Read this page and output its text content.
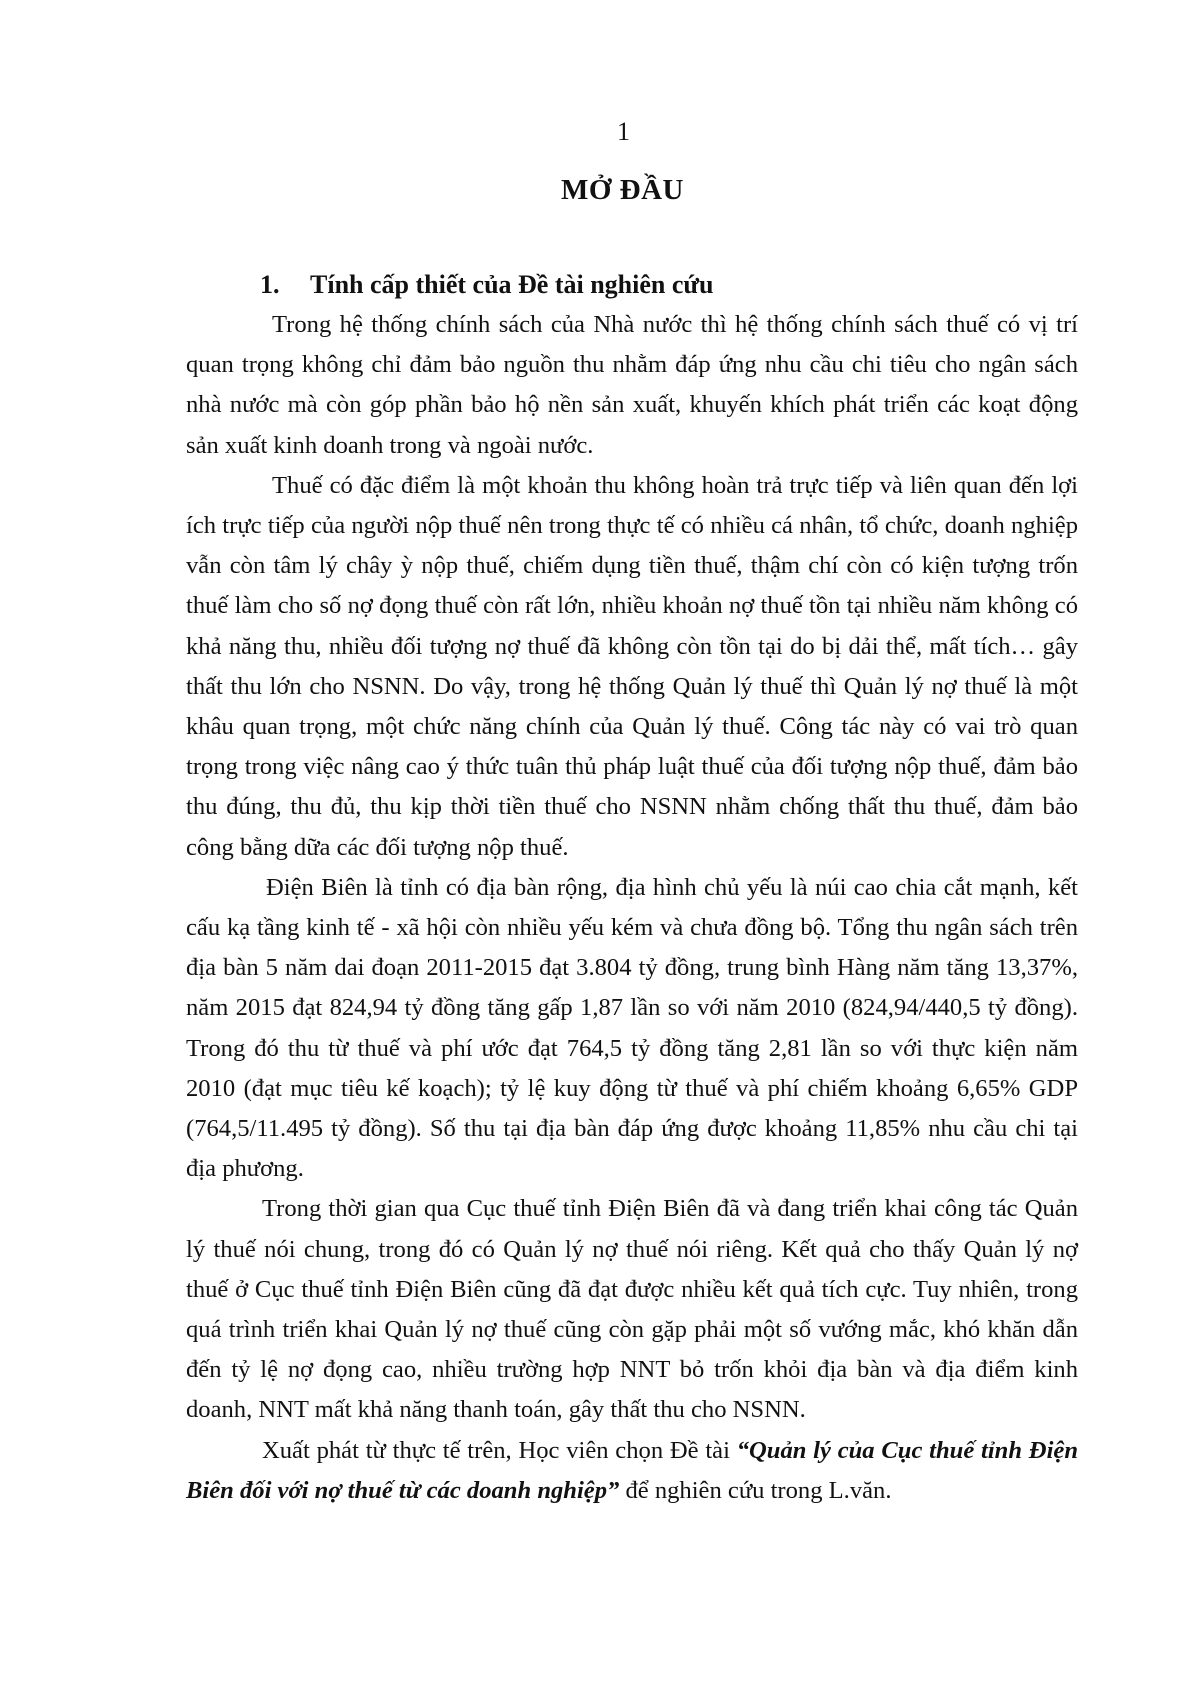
1
MỞ ĐẦU
1. Tính cấp thiết của Đề tài nghiên cứu

Trong hệ thống chính sách của Nhà nước thì hệ thống chính sách thuế có vị trí quan trọng không chỉ đảm bảo nguồn thu nhằm đáp ứng nhu cầu chi tiêu cho ngân sách nhà nước mà còn góp phần bảo hộ nền sản xuất, khuyến khích phát triển các koạt động sản xuất kinh doanh trong và ngoài nước.

Thuế có đặc điểm là một khoản thu không hoàn trả trực tiếp và liên quan đến lợi ích trực tiếp của người nộp thuế nên trong thực tế có nhiều cá nhân, tổ chức, doanh nghiệp vẫn còn tâm lý chây ỳ nộp thuế, chiếm dụng tiền thuế, thậm chí còn có kiện tượng trốn thuế làm cho số nợ đọng thuế còn rất lớn, nhiều khoản nợ thuế tồn tại nhiều năm không có khả năng thu, nhiều đối tượng nợ thuế đã không còn tồn tại do bị dải thể, mất tích… gây thất thu lớn cho NSNN. Do vậy, trong hệ thống Quản lý thuế thì Quản lý nợ thuế là một khâu quan trọng, một chức năng chính của Quản lý thuế. Công tác này có vai trò quan trọng trong việc nâng cao ý thức tuân thủ pháp luật thuế của đối tượng nộp thuế, đảm bảo thu đúng, thu đủ, thu kịp thời tiền thuế cho NSNN nhằm chống thất thu thuế, đảm bảo công bằng dữa các đối tượng nộp thuế.

Điện Biên là tỉnh có địa bàn rộng, địa hình chủ yếu là núi cao chia cắt mạnh, kết cấu kạ tầng kinh tế - xã hội còn nhiều yếu kém và chưa đồng bộ. Tổng thu ngân sách trên địa bàn 5 năm dai đoạn 2011-2015 đạt 3.804 tỷ đồng, trung bình Hàng năm tăng 13,37%, năm 2015 đạt 824,94 tỷ đồng tăng gấp 1,87 lần so với năm 2010 (824,94/440,5 tỷ đồng). Trong đó thu từ thuế và phí ước đạt 764,5 tỷ đồng tăng 2,81 lần so với thực kiện năm 2010 (đạt mục tiêu kế koạch); tỷ lệ kuy động từ thuế và phí chiếm khoảng 6,65% GDP (764,5/11.495 tỷ đồng). Số thu tại địa bàn đáp ứng được khoảng 11,85% nhu cầu chi tại địa phương.

Trong thời gian qua Cục thuế tỉnh Điện Biên đã và đang triển khai công tác Quản lý thuế nói chung, trong đó có Quản lý nợ thuế nói riêng. Kết quả cho thấy Quản lý nợ thuế ở Cục thuế tỉnh Điện Biên cũng đã đạt được nhiều kết quả tích cực. Tuy nhiên, trong quá trình triển khai Quản lý nợ thuế cũng còn gặp phải một số vướng mắc, khó khăn dẫn đến tỷ lệ nợ đọng cao, nhiều trường hợp NNT bỏ trốn khỏi địa bàn và địa điểm kinh doanh, NNT mất khả năng thanh toán, gây thất thu cho NSNN.

Xuất phát từ thực tế trên, Học viên chọn Đề tài “Quản lý của Cục thuế tỉnh Điện Biên đối với nợ thuế từ các doanh nghiệp” để nghiên cứu trong L.văn.
